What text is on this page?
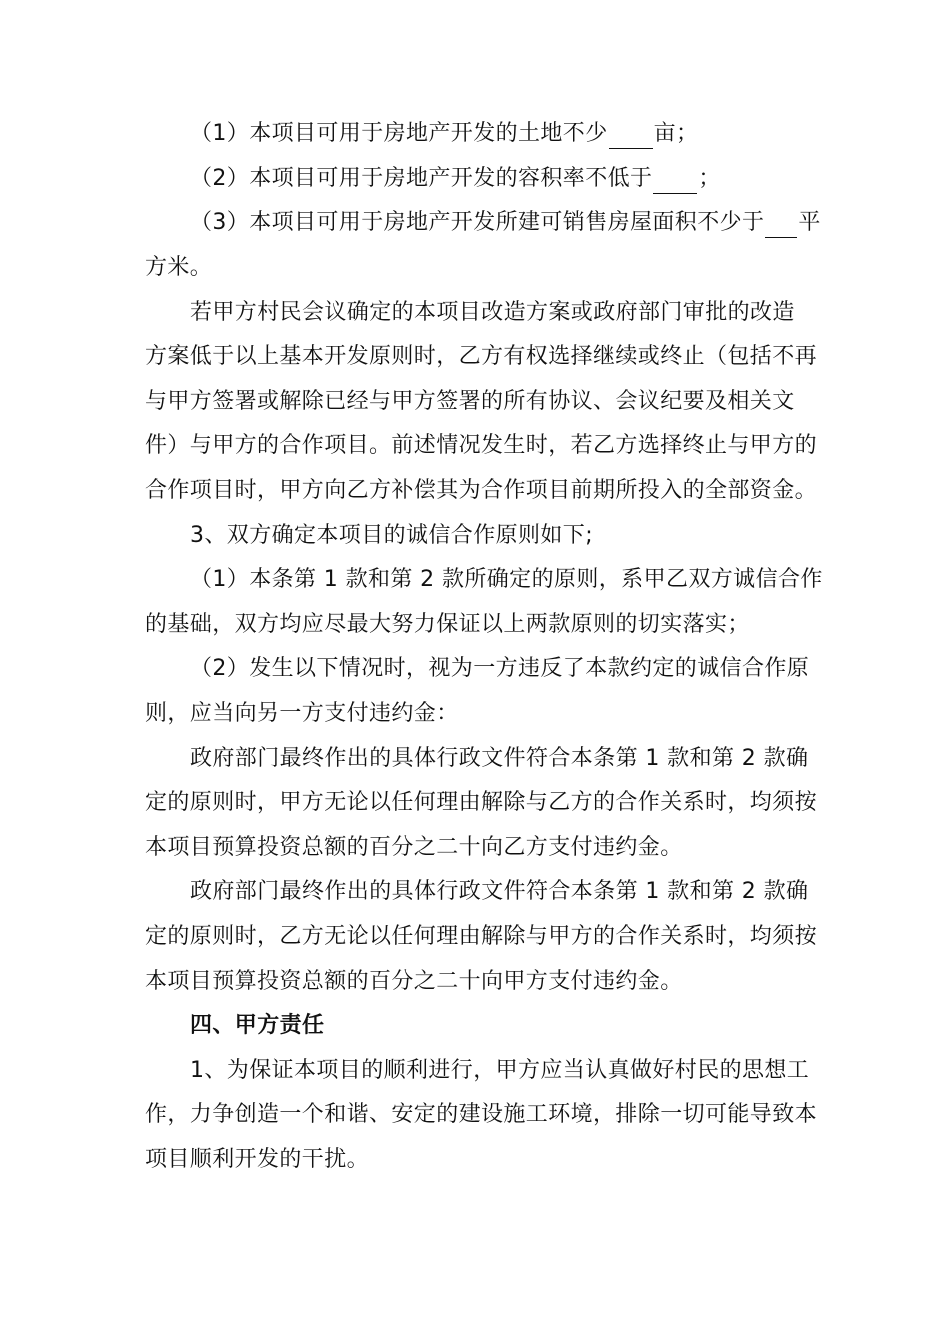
（1）本项目可用于房地产开发的土地不少 亩；
（2）本项目可用于房地产开发的容积率不低于 ；
（3）本项目可用于房地产开发所建可销售房屋面积不少于 平
方米。
若甲方村民会议确定的本项目改造方案或政府部门审批的改造
方案低于以上基本开发原则时，乙方有权选择继续或终止（包括不再
与甲方签署或解除已经与甲方签署的所有协议、会议纪要及相关文
件）与甲方的合作项目。前述情况发生时，若乙方选择终止与甲方的
合作项目时，甲方向乙方补偿其为合作项目前期所投入的全部资金。
3、双方确定本项目的诚信合作原则如下;
（1）本条第 1 款和第 2 款所确定的原则，系甲乙双方诚信合作
的基础，双方均应尽最大努力保证以上两款原则的切实落实；
（2）发生以下情况时，视为一方违反了本款约定的诚信合作原
则，应当向另一方支付违约金：
政府部门最终作出的具体行政文件符合本条第 1 款和第 2 款确
定的原则时，甲方无论以任何理由解除与乙方的合作关系时，均须按
本项目预算投资总额的百分之二十向乙方支付违约金。
政府部门最终作出的具体行政文件符合本条第 1 款和第 2 款确
定的原则时，乙方无论以任何理由解除与甲方的合作关系时，均须按
本项目预算投资总额的百分之二十向甲方支付违约金。
四、甲方责任
1、为保证本项目的顺利进行，甲方应当认真做好村民的思想工
作，力争创造一个和谐、安定的建设施工环境，排除一切可能导致本
项目顺利开发的干扰。
